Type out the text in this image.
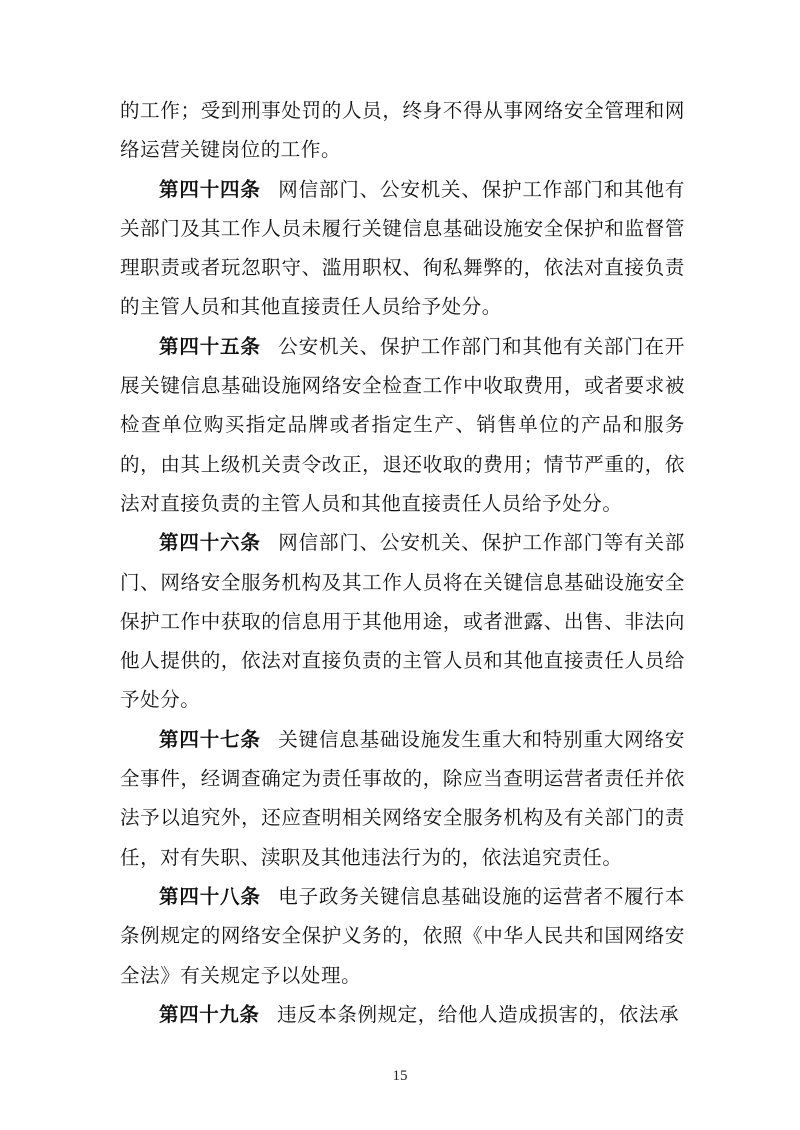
的工作；受到刑事处罚的人员，终身不得从事网络安全管理和网络运营关键岗位的工作。

第四十四条 网信部门、公安机关、保护工作部门和其他有关部门及其工作人员未履行关键信息基础设施安全保护和监督管理职责或者玩忽职守、滥用职权、徇私舞弊的，依法对直接负责的主管人员和其他直接责任人员给予处分。

第四十五条 公安机关、保护工作部门和其他有关部门在开展关键信息基础设施网络安全检查工作中收取费用，或者要求被检查单位购买指定品牌或者指定生产、销售单位的产品和服务的，由其上级机关责令改正，退还收取的费用；情节严重的，依法对直接负责的主管人员和其他直接责任人员给予处分。

第四十六条 网信部门、公安机关、保护工作部门等有关部门、网络安全服务机构及其工作人员将在关键信息基础设施安全保护工作中获取的信息用于其他用途，或者泄露、出售、非法向他人提供的，依法对直接负责的主管人员和其他直接责任人员给予处分。

第四十七条 关键信息基础设施发生重大和特别重大网络安全事件，经调查确定为责任事故的，除应当查明运营者责任并依法予以追究外，还应查明相关网络安全服务机构及有关部门的责任，对有失职、渎职及其他违法行为的，依法追究责任。

第四十八条 电子政务关键信息基础设施的运营者不履行本条例规定的网络安全保护义务的，依照《中华人民共和国网络安全法》有关规定予以处理。

第四十九条 违反本条例规定，给他人造成损害的，依法承

15
